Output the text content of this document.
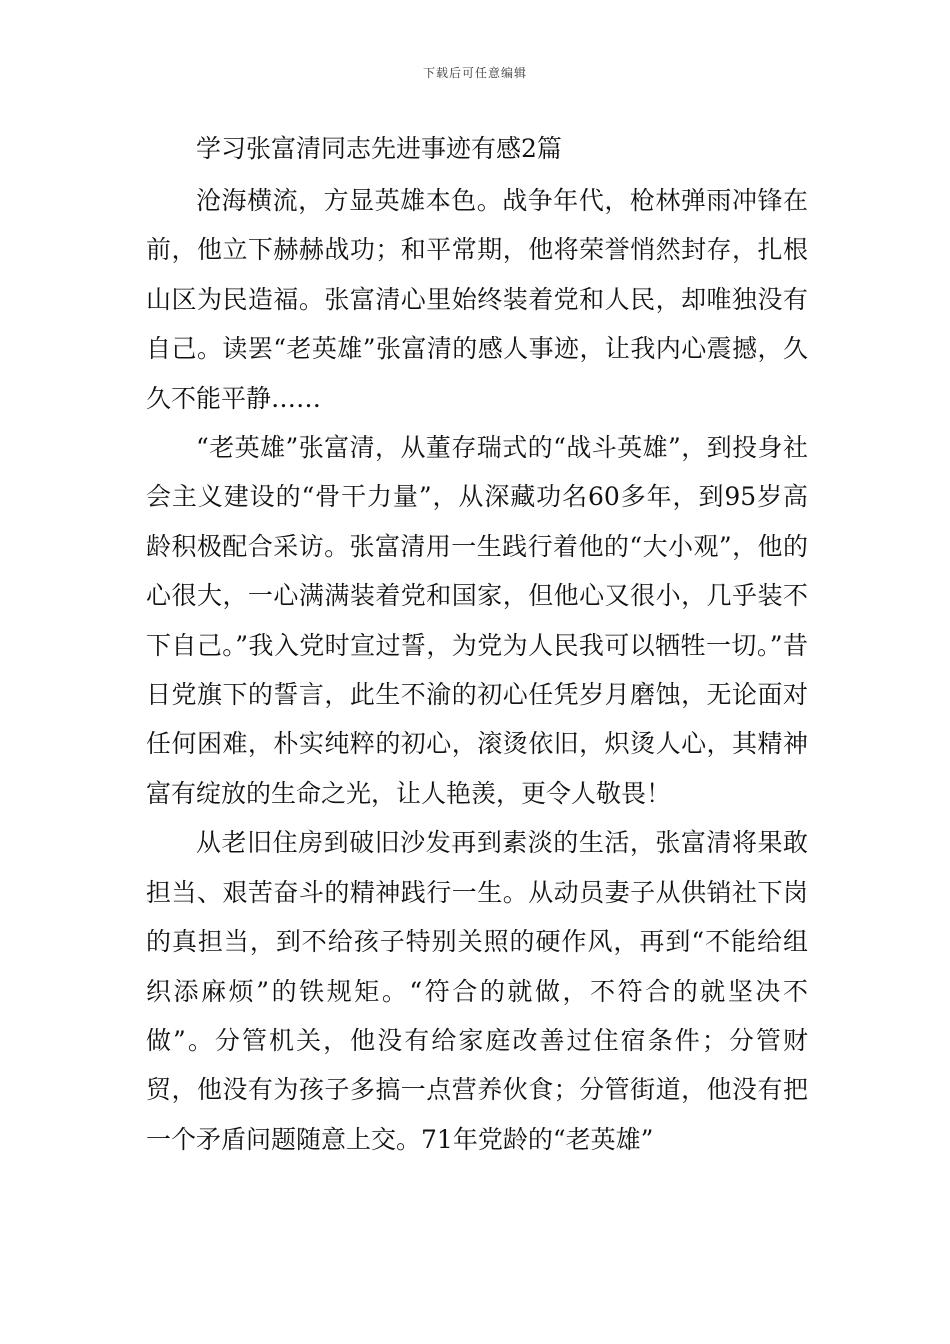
下载后可任意编辑
学习张富清同志先进事迹有感2篇

沧海横流，方显英雄本色。战争年代，枪林弹雨冲锋在前，他立下赫赫战功；和平常期，他将荣誉悄然封存，扎根山区为民造福。张富清心里始终装着党和人民，却唯独没有自己。读罢“老英雄”张富清的感人事迹，让我内心震撼，久久不能平静……

“老英雄”张富清，从董存瑞式的“战斗英雄”，到投身社会主义建设的“骨干力量”，从深藏功名60多年，到95岁高龄积极配合采访。张富清用一生践行着他的“大小观”，他的心很大，一心满满装着党和国家，但他心又很小，几乎装不下自己。”我入党时宣过誓，为党为人民我可以牺牲一切。”昔日党旗下的誓言，此生不渝的初心任凭岁月磨蚀，无论面对任何困难，朴实纯粹的初心，滚烫依旧，炽烫人心，其精神富有绽放的生命之光，让人艳羡，更令人敬畏！

从老旧住房到破旧沙发再到素淡的生活，张富清将果敢担当、艰苦奋斗的精神践行一生。从动员妻子从供销社下岗的真担当，到不给孩子特别关照的硬作风，再到“不能给组织添麻烦”的铁规矩。“符合的就做，不符合的就坚决不做”。分管机关，他没有给家庭改善过住宿条件；分管财贸，他没有为孩子多搞一点营养伙食；分管街道，他没有把一个矛盾问题随意上交。71年党龄的“老英雄”
